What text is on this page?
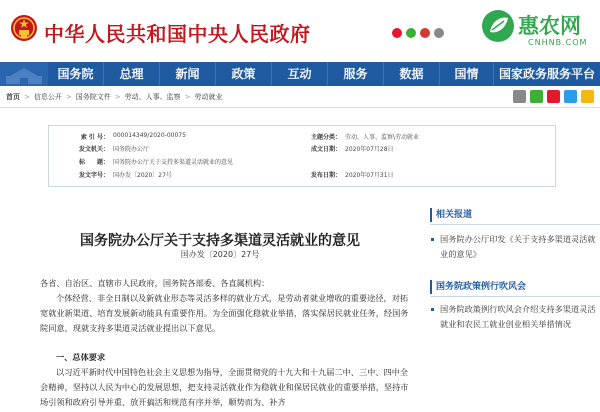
中华人民共和国中央人民政府	惠农网
CNHNB.COM
国务院	总理	新闻	政策	互动	服务	数据	国情	国家政务服务平台
首页 > 信息公开 > 国务院文件 > 劳动、人事、监察 > 劳动就业
索 引 号： 000014349/2020-00075	主题分类： 劳动、人事、监察\劳动就业
发文机关： 国务院办公厅	成文日期： 2020年07月28日
标　　题： 国务院办公厅关于支持多渠道灵活就业的意见
发文字号： 国办发〔2020〕27号	发布日期： 2020年07月31日
国务院办公厅关于支持多渠道灵活就业的意见
国办发〔2020〕27号
各省、自治区、直辖市人民政府，国务院各部委、各直属机构：
个体经营、非全日制以及新就业形态等灵活多样的就业方式，是劳动者就业增收的重要途径，对拓宽就业新渠道、培育发展新动能具有重要作用。为全面强化稳就业举措，落实保居民就业任务，经国务院同意，现就支持多渠道灵活就业提出以下意见。
一、总体要求
以习近平新时代中国特色社会主义思想为指导，全面贯彻党的十九大和十九届二中、三中、四中全会精神，坚持以人民为中心的发展思想，把支持灵活就业作为稳就业和保居民就业的重要举措，坚持市场引领和政府引导并重、放开搞活和规范有序并举，顺势而为、补齐
相关报道
国务院办公厅印发《关于支持多渠道灵活就业的意见》
国务院政策例行吹风会
国务院政策例行吹风会介绍支持多渠道灵活就业和农民工就业创业相关举措情况
